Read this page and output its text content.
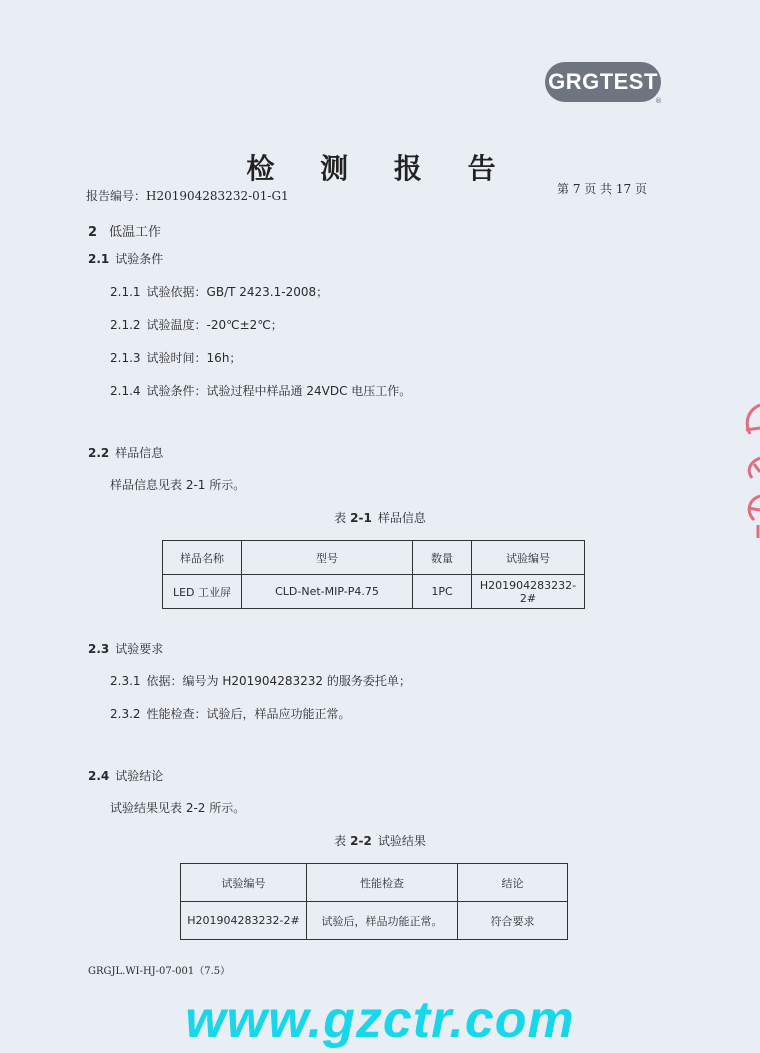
GRGTEST
®
检 测 报 告
报告编号：H201904283232-01-G1	第 7 页 共 17 页
2 低温工作
2.1 试验条件
2.1.1 试验依据：GB/T 2423.1-2008；
2.1.2 试验温度：-20℃±2℃；
2.1.3 试验时间：16h；
2.1.4 试验条件：试验过程中样品通 24VDC 电压工作。
2.2 样品信息
样品信息见表 2-1 所示。
表 2-1 样品信息
样品名称	型号	数量	试验编号
LED 工业屏	CLD-Net-MIP-P4.75	1PC	H201904283232-2#
2.3 试验要求
2.3.1 依据：编号为 H201904283232 的服务委托单；
2.3.2 性能检查：试验后，样品应功能正常。
2.4 试验结论
试验结果见表 2-2 所示。
表 2-2 试验结果
试验编号	性能检查	结论
H201904283232-2#	试验后，样品功能正常。	符合要求
GRGJL.WI-HJ-07-001（7.5）
www.gzctr.com
